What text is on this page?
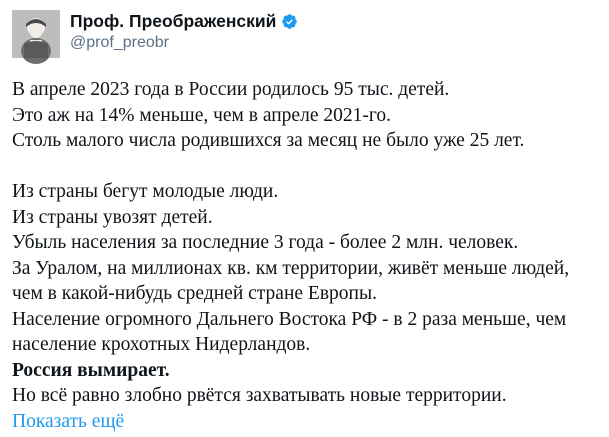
Проф. Преображенский
@prof_preobr

В апреле 2023 года в России родилось 95 тыс. детей.

Это аж на 14% меньше, чем в апреле 2021-го.

Столь малого числа родившихся за месяц не было уже 25 лет.

Из страны бегут молодые люди.

Из страны увозят детей.

Убыль населения за последние 3 года - более 2 млн. человек.

За Уралом, на миллионах кв. км территории, живёт меньше людей,

чем в какой-нибудь средней стране Европы.

Население огромного Дальнего Востока РФ - в 2 раза меньше, чем

население крохотных Нидерландов.

Россия вымирает.

Но всё равно злобно рвётся захватывать новые территории.

Показать ещё
